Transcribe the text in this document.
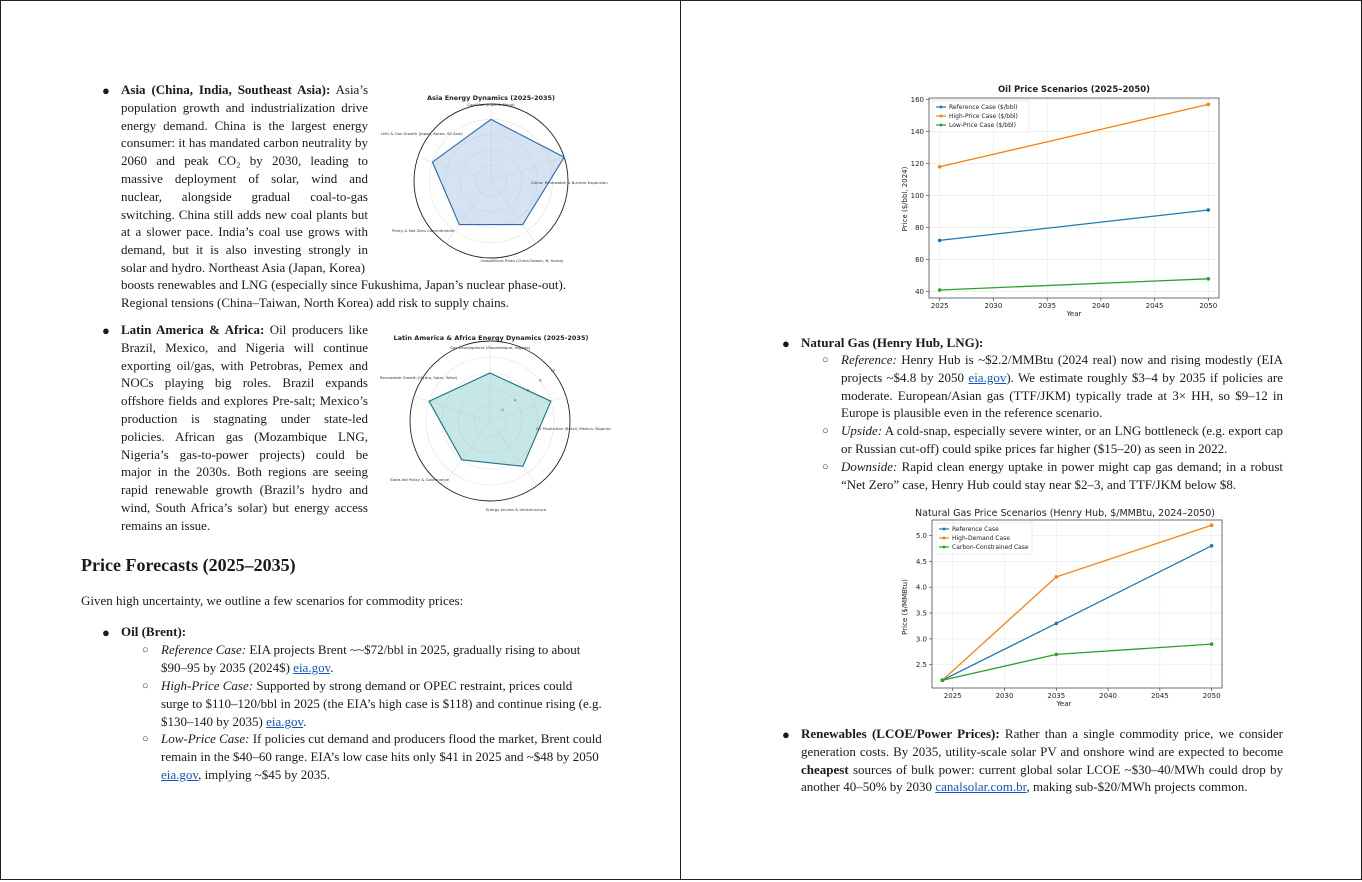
● Asia (China, India, Southeast Asia): Asia’s population growth and industrialization drive energy demand. China is the largest energy consumer: it has mandated carbon neutrality by 2060 and peak CO₂ by 2030, leading to massive deployment of solar, wind and nuclear, alongside gradual coal-to-gas switching. China still adds new coal plants but at a slower pace. India’s coal use grows with demand, but it is also investing strongly in solar and hydro. Northeast Asia (Japan, Korea)
boosts renewables and LNG (especially since Fukushima, Japan’s nuclear phase-out). Regional tensions (China–Taiwan, North Korea) add risk to supply chains.
Asia Energy Dynamics (2025-2035)
Coal Use (India & China)
China: Renewable & Nuclear Expansion
Geopolitical Risks (China-Taiwan, N. Korea)
Policy & Net Zero Commitments
LNG & Gas Growth (Japan, Korea, SE Asia)
● Latin America & Africa: Oil producers like Brazil, Mexico, and Nigeria will continue exporting oil/gas, with Petrobras, Pemex and NOCs playing big roles. Brazil expands offshore fields and explores Pre-salt; Mexico’s production is stagnating under state-led policies. African gas (Mozambique LNG, Nigeria’s gas-to-power projects) could be major in the 2030s. Both regions are seeing rapid renewable growth (Brazil’s hydro and wind, South Africa’s solar) but energy access remains an issue.
Latin America & Africa Energy Dynamics (2025-2035)
Gas Development (Mozambique, Nigeria)
Oil Production (Brazil, Mexico, Nigeria)
Energy Access & Infrastructure
State-led Policy & Governance
Renewable Growth (Hydro, Solar, Wind)
2
4
6
8
10
Price Forecasts (2025–2035)
Given high uncertainty, we outline a few scenarios for commodity prices:
● Oil (Brent):
○ Reference Case: EIA projects Brent ~~$72/bbl in 2025, gradually rising to about $90–95 by 2035 (2024$) eia.gov.
○ High-Price Case: Supported by strong demand or OPEC restraint, prices could surge to $110–120/bbl in 2025 (the EIA’s high case is $118) and continue rising (e.g. $130–140 by 2035) eia.gov.
○ Low-Price Case: If policies cut demand and producers flood the market, Brent could remain in the $40–60 range. EIA’s low case hits only $41 in 2025 and ~$48 by 2050 eia.gov, implying ~$45 by 2035.
Oil Price Scenarios (2025–2050)
Price ($/bbl, 2024)
Year
2025	2030	2035	2040	2045	2050
40
60
80
100
120
140
160
Reference Case ($/bbl)
High-Price Case ($/bbl)
Low-Price Case ($/bbl)
● Natural Gas (Henry Hub, LNG):
○ Reference: Henry Hub is ~$2.2/MMBtu (2024 real) now and rising modestly (EIA projects ~$4.8 by 2050 eia.gov). We estimate roughly $3–4 by 2035 if policies are moderate. European/Asian gas (TTF/JKM) typically trade at 3× HH, so $9–12 in Europe is plausible even in the reference scenario.
○ Upside: A cold-snap, especially severe winter, or an LNG bottleneck (e.g. export cap or Russian cut-off) could spike prices far higher ($15–20) as seen in 2022.
○ Downside: Rapid clean energy uptake in power might cap gas demand; in a robust “Net Zero” case, Henry Hub could stay near $2–3, and TTF/JKM below $8.
Natural Gas Price Scenarios (Henry Hub, $/MMBtu, 2024–2050)
Price ($/MMBtu)
Year
2025	2030	2035	2040	2045	2050
2.5
3.0
3.5
4.0
4.5
5.0
Reference Case
High-Demand Case
Carbon-Constrained Case
● Renewables (LCOE/Power Prices): Rather than a single commodity price, we consider generation costs. By 2035, utility-scale solar PV and onshore wind are expected to become cheapest sources of bulk power: current global solar LCOE ~$30–40/MWh could drop by another 40–50% by 2030 canalsolar.com.br, making sub-$20/MWh projects common.
